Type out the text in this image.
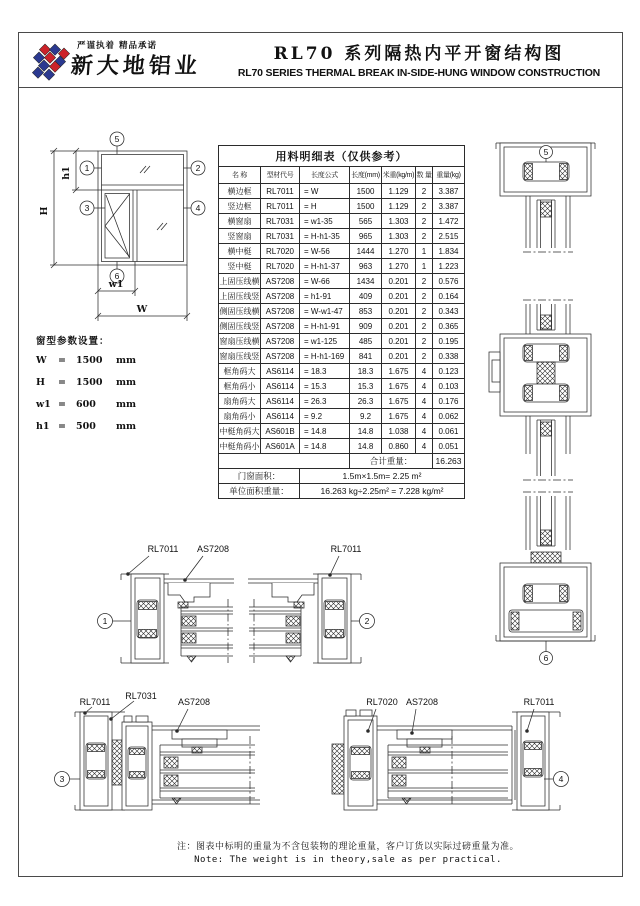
严谨执着 精品承诺
新大地铝业	RL70 系列隔热内平开窗结构图
RL70 SERIES THERMAL BREAK IN-SIDE-HUNG WINDOW CONSTRUCTION
H
h1
w1
W
1	2
3	4
5
6
窗型参数设置：
W = 1500 mm
H = 1500 mm
w1 = 600 mm
h1 = 500 mm
用料明细表（仅供参考）						
名 称	型材代号	长度公式	长度(mm)	米重(kg/m)	数 量	重量(kg)
横边框	RL7011	= W	1500	1.129	2	3.387
竖边框	RL7011	= H	1500	1.129	2	3.387
横窗扇	RL7031	= w1-35	565	1.303	2	1.472
竖窗扇	RL7031	= H-h1-35	965	1.303	2	2.515
横中梃	RL7020	= W-56	1444	1.270	1	1.834
竖中梃	RL7020	= H-h1-37	963	1.270	1	1.223
上固压线横	AS7208	= W-66	1434	0.201	2	0.576
上固压线竖	AS7208	= h1-91	409	0.201	2	0.164
侧固压线横	AS7208	= W-w1-47	853	0.201	2	0.343
侧固压线竖	AS7208	= H-h1-91	909	0.201	2	0.365
窗扇压线横	AS7208	= w1-125	485	0.201	2	0.195
窗扇压线竖	AS7208	= H-h1-169	841	0.201	2	0.338
框角码大	AS6114	= 18.3	18.3	1.675	4	0.123
框角码小	AS6114	= 15.3	15.3	1.675	4	0.103
扇角码大	AS6114	= 26.3	26.3	1.675	4	0.176
扇角码小	AS6114	= 9.2	9.2	1.675	4	0.062
中梃角码大	AS601B	= 14.8	14.8	1.038	4	0.061
中梃角码小	AS601A	= 14.8	14.8	0.860	4	0.051
			合计重量：			16.263
门窗面积：		1.5m×1.5m= 2.25 m²				
单位面积重量：		16.263 kg÷2.25m² = 7.228 kg/m²				
5
6
RL7011 AS7208	RL7011
1	2
RL7011
RL7031
AS7208	RL7020 AS7208	RL7011
3	4
注：图表中标明的重量为不含包装物的理论重量，客户订货以实际过磅重量为准。
Note: The weight is in theory,sale as per practical.
